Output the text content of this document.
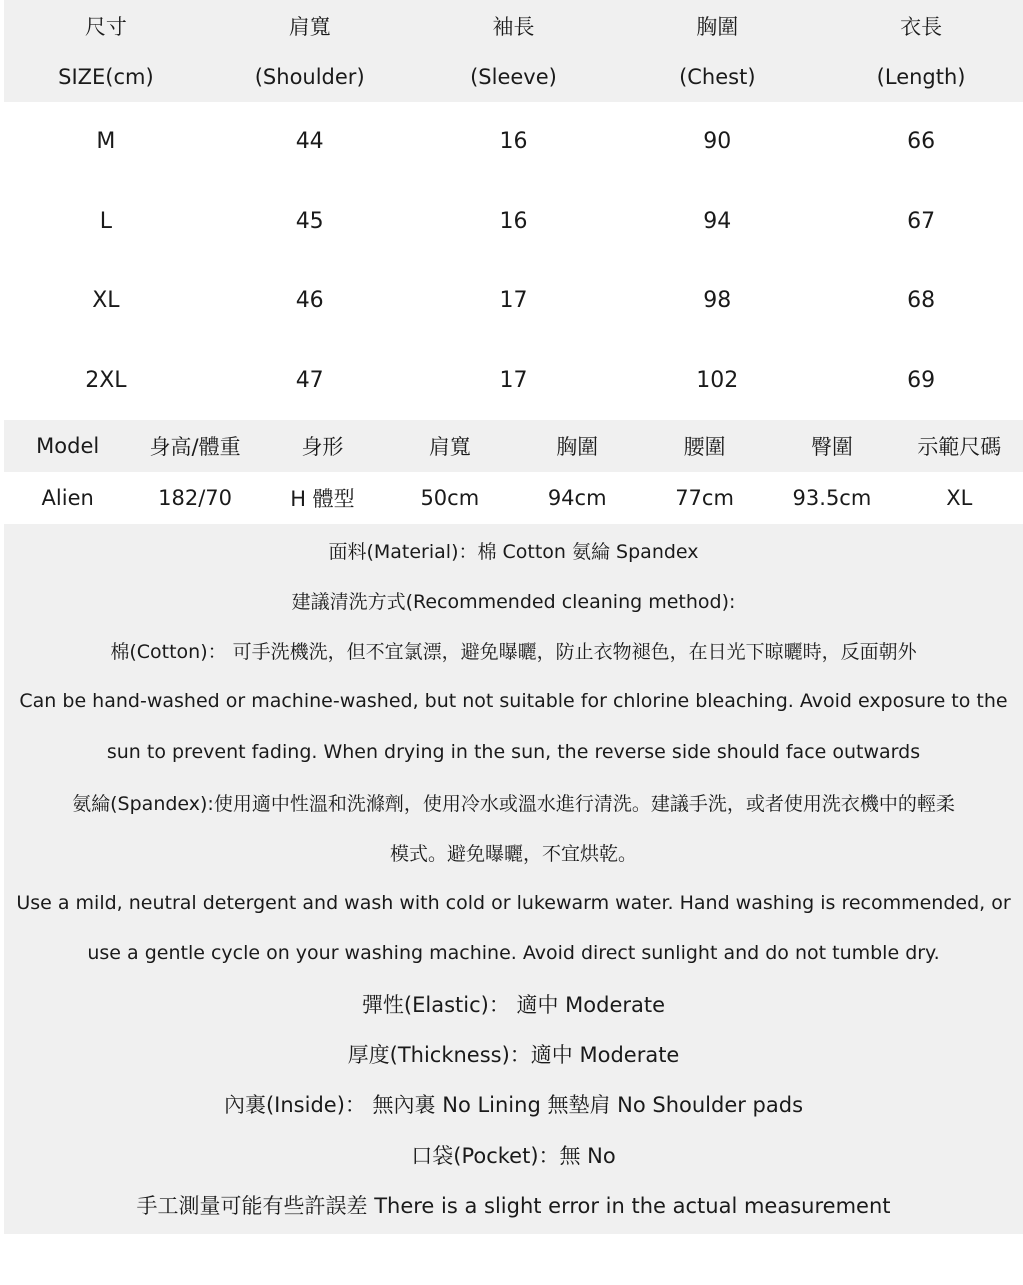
尺寸	肩寬	袖長	胸圍	衣長
SIZE(cm)	(Shoulder)	(Sleeve)	(Chest)	(Length)
M	44	16	90	66
L	45	16	94	67
XL	46	17	98	68
2XL	47	17	102	69
Model	身高/體重	身形	肩寬	胸圍	腰圍	臀圍	示範尺碼
Alien	182/70	H 體型	50cm	94cm	77cm	93.5cm	XL
面料(Material)：棉 Cotton 氨綸 Spandex
建議清洗方式(Recommended cleaning method):
棉(Cotton)： 可手洗機洗，但不宜氯漂，避免曝曬，防止衣物褪色，在日光下晾曬時，反面朝外
Can be hand-washed or machine-washed, but not suitable for chlorine bleaching. Avoid exposure to the
sun to prevent fading. When drying in the sun, the reverse side should face outwards
氨綸(Spandex):使用適中性溫和洗滌劑，使用冷水或溫水進行清洗。建議手洗，或者使用洗衣機中的輕柔
模式。避免曝曬，不宜烘乾。
Use a mild, neutral detergent and wash with cold or lukewarm water. Hand washing is recommended, or
use a gentle cycle on your washing machine. Avoid direct sunlight and do not tumble dry.
彈性(Elastic)： 適中 Moderate
厚度(Thickness)：適中 Moderate
內裏(Inside)： 無內裏 No Lining 無墊肩 No Shoulder pads
口袋(Pocket)：無 No
手工測量可能有些許誤差 There is a slight error in the actual measurement
